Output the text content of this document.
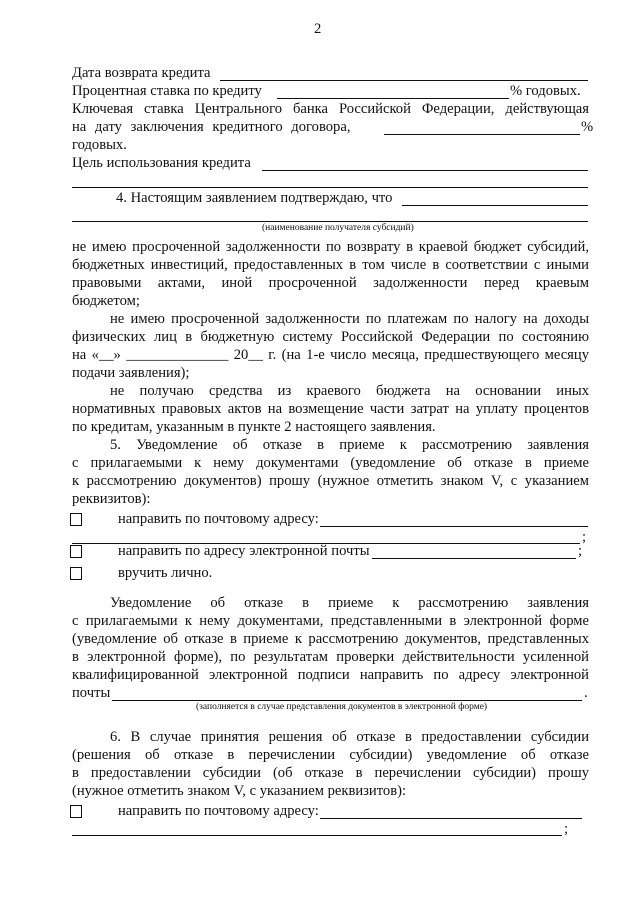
2
Дата возврата кредита
Процентная ставка по кредиту	% годовых.
Ключевая ставка Центрального банка Российской Федерации, действующая
на дату заключения кредитного договора,	%
годовых.
Цель использования кредита
4. Настоящим заявлением подтверждаю, что
(наименование получателя субсидий)
не имею просроченной задолженности по возврату в краевой бюджет субсидий,
бюджетных инвестиций, предоставленных в том числе в соответствии с иными
правовыми актами, иной просроченной задолженности перед краевым
бюджетом;
не имею просроченной задолженности по платежам по налогу на доходы
физических лиц в бюджетную систему Российской Федерации по состоянию
на «__» ______________ 20__ г. (на 1-е число месяца, предшествующего месяцу
подачи заявления);
не получаю средства из краевого бюджета на основании иных
нормативных правовых актов на возмещение части затрат на уплату процентов
по кредитам, указанным в пункте 2 настоящего заявления.
5. Уведомление об отказе в приеме к рассмотрению заявления
с прилагаемыми к нему документами (уведомление об отказе в приеме
к рассмотрению документов) прошу (нужное отметить знаком V, с указанием
реквизитов):
направить по почтовому адресу:
;
направить по адресу электронной почты	;
вручить лично.
Уведомление об отказе в приеме к рассмотрению заявления
с прилагаемыми к нему документами, представленными в электронной форме
(уведомление об отказе в приеме к рассмотрению документов, представленных
в электронной форме), по результатам проверки действительности усиленной
квалифицированной электронной подписи направить по адресу электронной
почты	.
(заполняется в случае представления документов в электронной форме)
6. В случае принятия решения об отказе в предоставлении субсидии
(решения об отказе в перечислении субсидии) уведомление об отказе
в предоставлении субсидии (об отказе в перечислении субсидии) прошу
(нужное отметить знаком V, с указанием реквизитов):
направить по почтовому адресу:
;
